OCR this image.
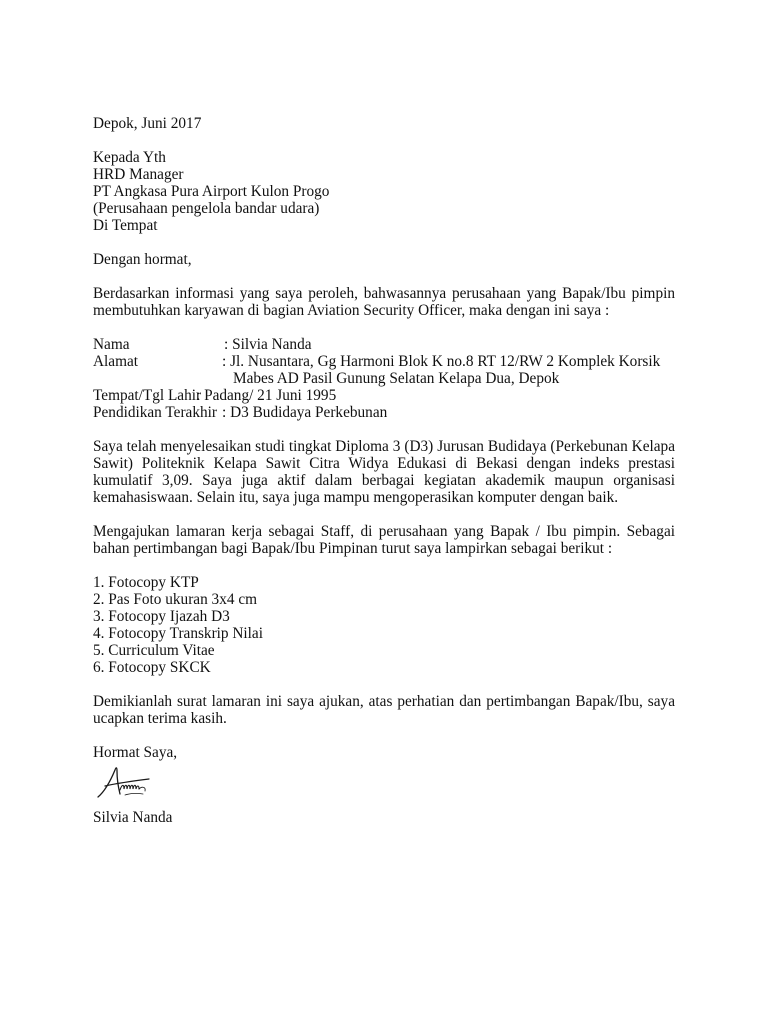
Depok, Juni 2017
Kepada Yth
HRD Manager
PT Angkasa Pura Airport Kulon Progo
(Perusahaan pengelola bandar udara)
Di Tempat
Dengan hormat,

Berdasarkan informasi yang saya peroleh, bahwasannya perusahaan yang Bapak/Ibu pimpin membutuhkan karyawan di bagian Aviation Security Officer, maka dengan ini saya :

Nama	: Silvia Nanda
Alamat	: Jl. Nusantara, Gg Harmoni Blok K no.8 RT 12/RW 2 Komplek Korsik
Mabes AD Pasil Gunung Selatan Kelapa Dua, Depok
Tempat/Tgl Lahir
: Padang/ 21 Juni 1995
Pendidikan Terakhir : D3 Budidaya Perkebunan

Saya telah menyelesaikan studi tingkat Diploma 3 (D3) Jurusan Budidaya (Perkebunan Kelapa Sawit) Politeknik Kelapa Sawit Citra Widya Edukasi di Bekasi dengan indeks prestasi kumulatif 3,09. Saya juga aktif dalam berbagai kegiatan akademik maupun organisasi kemahasiswaan. Selain itu, saya juga mampu mengoperasikan komputer dengan baik.

Mengajukan lamaran kerja sebagai Staff, di perusahaan yang Bapak / Ibu pimpin. Sebagai bahan pertimbangan bagi Bapak/Ibu Pimpinan turut saya lampirkan sebagai berikut :

1. Fotocopy KTP
2. Pas Foto ukuran 3x4 cm
3. Fotocopy Ijazah D3
4. Fotocopy Transkrip Nilai
5. Curriculum Vitae
6. Fotocopy SKCK

Demikianlah surat lamaran ini saya ajukan, atas perhatian dan pertimbangan Bapak/Ibu, saya ucapkan terima kasih.

Hormat Saya,
Silvia Nanda
